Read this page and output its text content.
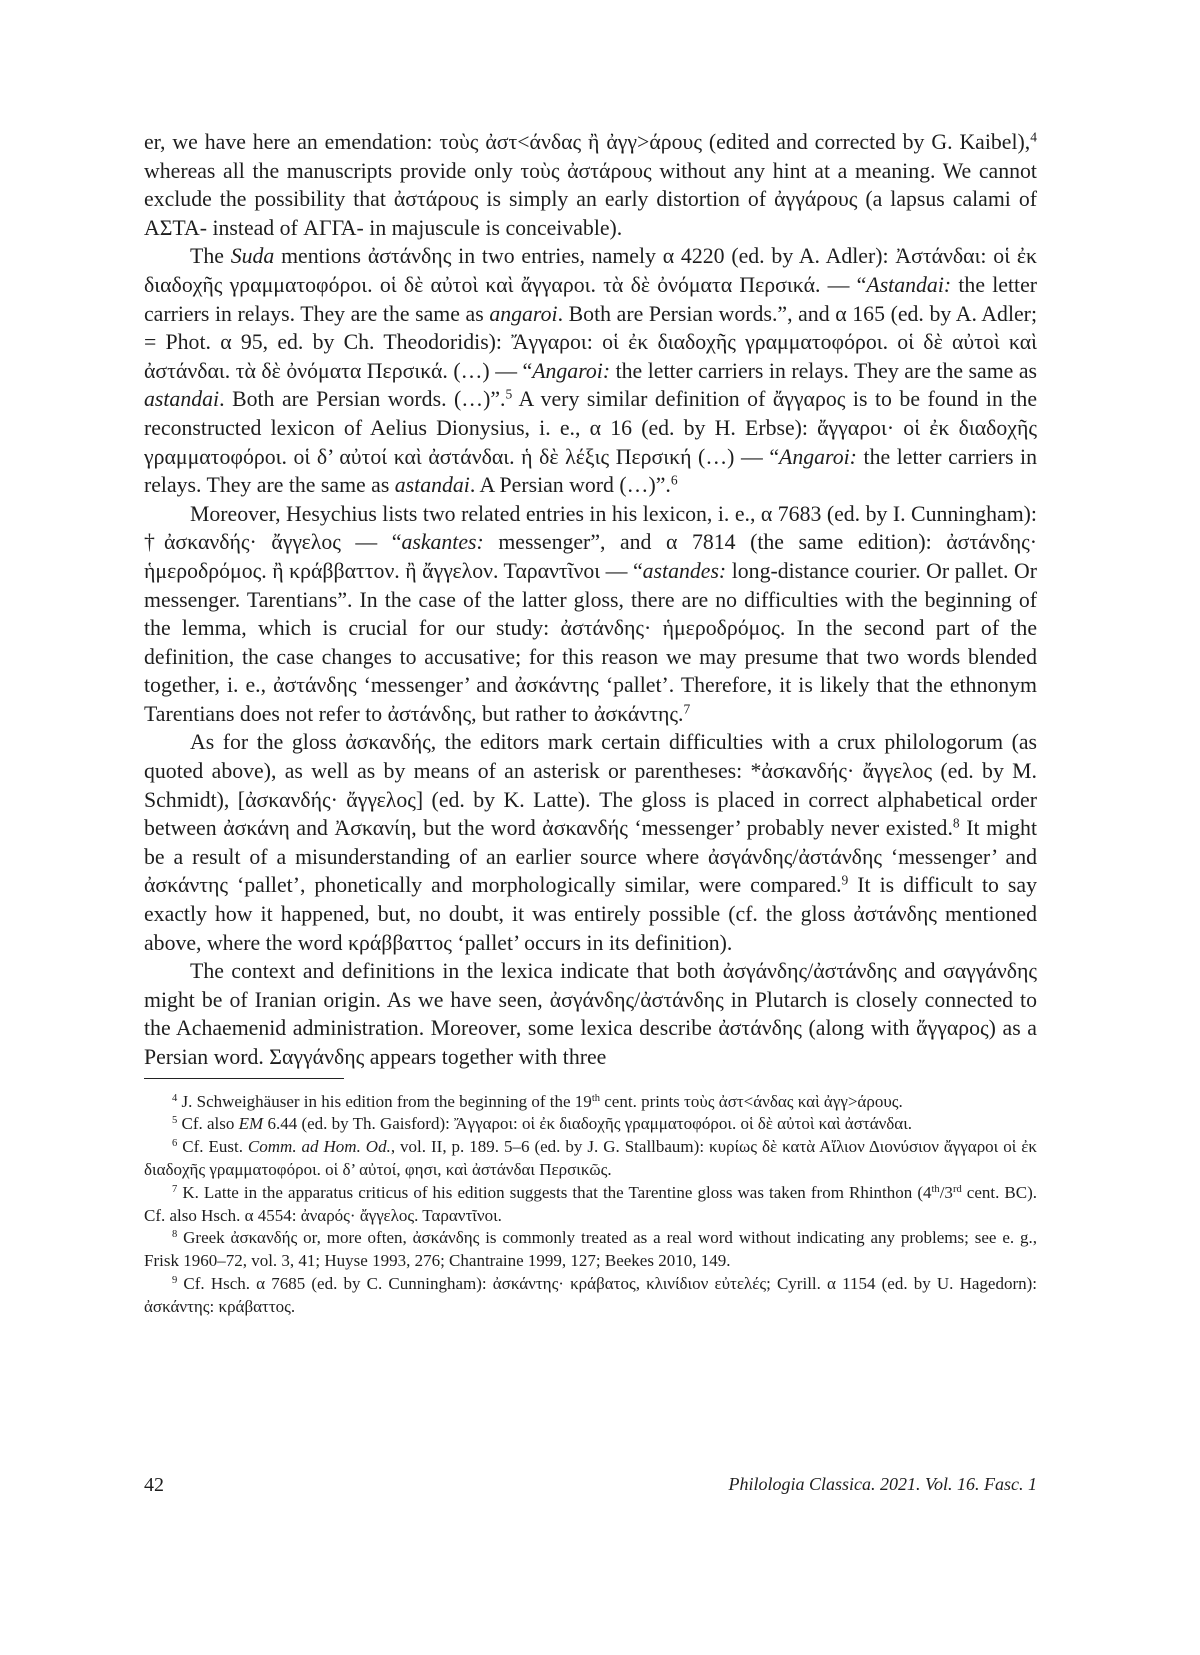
er, we have here an emendation: τοὺς ἀστ<άνδας ἢ ἀγγ>άρους (edited and corrected by G. Kaibel),$^4$ whereas all the manuscripts provide only τοὺς ἀστάρους without any hint at a meaning. We cannot exclude the possibility that ἀστάρους is simply an early distortion of ἀγγάρους (a lapsus calami of ΑΣΤΑ- instead of ΑΓΓΑ- in majuscule is conceivable).

The Suda mentions ἀστάνδης in two entries, namely α 4220 (ed. by A. Adler): Ἀστάνδαι: οἱ ἐκ διαδοχῆς γραμματοφόροι. οἱ δὲ αὐτοὶ καὶ ἄγγαροι. τὰ δὲ ὀνόματα Περσικά. — “Astandai: the letter carriers in relays. They are the same as angaroi. Both are Persian words.”, and α 165 (ed. by A. Adler; = Phot. α 95, ed. by Ch. Theodoridis): Ἄγγαροι: οἱ ἐκ διαδοχῆς γραμματοφόροι. οἱ δὲ αὐτοὶ καὶ ἀστάνδαι. τὰ δὲ ὀνόματα Περσικά. (…) — “Angaroi: the letter carriers in relays. They are the same as astandai. Both are Persian words. (…)”.$^5$ A very similar definition of ἄγγαρος is to be found in the reconstructed lexicon of Aelius Dionysius, i. e., α 16 (ed. by H. Erbse): ἄγγαροι· οἱ ἐκ διαδοχῆς γραμματοφόροι. οἱ δ’ αὐτοί καὶ ἀστάνδαι. ἡ δὲ λέξις Περσική (…) — “Angaroi: the letter carriers in relays. They are the same as astandai. A Persian word (…)”.$^6$

Moreover, Hesychius lists two related entries in his lexicon, i. e., α 7683 (ed. by I. Cunningham): †ἀσκανδής· ἄγγελος — “askantes: messenger”, and α 7814 (the same edition): ἀστάνδης· ἡμεροδρόμος. ἢ κράββαττον. ἢ ἄγγελον. Ταραντῖνοι — “astandes: long-distance courier. Or pallet. Or messenger. Tarentians”. In the case of the latter gloss, there are no difficulties with the beginning of the lemma, which is crucial for our study: ἀστάνδης· ἡμεροδρόμος. In the second part of the definition, the case changes to accusative; for this reason we may presume that two words blended together, i. e., ἀστάνδης ‘messenger’ and ἀσκάντης ‘pallet’. Therefore, it is likely that the ethnonym Tarentians does not refer to ἀστάνδης, but rather to ἀσκάντης.$^7$

As for the gloss ἀσκανδής, the editors mark certain difficulties with a crux philologorum (as quoted above), as well as by means of an asterisk or parentheses: *ἀσκανδής· ἄγγελος (ed. by M. Schmidt), [ἀσκανδής· ἄγγελος] (ed. by K. Latte). The gloss is placed in correct alphabetical order between ἀσκάνη and Ἀσκανίη, but the word ἀσκανδής ‘messenger’ probably never existed.$^8$ It might be a result of a misunderstanding of an earlier source where ἀσγάνδης/ἀστάνδης ‘messenger’ and ἀσκάντης ‘pallet’, phonetically and morphologically similar, were compared.$^9$ It is difficult to say exactly how it happened, but, no doubt, it was entirely possible (cf. the gloss ἀστάνδης mentioned above, where the word κράββαττος ‘pallet’ occurs in its definition).

The context and definitions in the lexica indicate that both ἀσγάνδης/ἀστάνδης and σαγγάνδης might be of Iranian origin. As we have seen, ἀσγάνδης/ἀστάνδης in Plutarch is closely connected to the Achaemenid administration. Moreover, some lexica describe ἀστάνδης (along with ἄγγαρος) as a Persian word. Σαγγάνδης appears together with three

$^4$ J. Schweighäuser in his edition from the beginning of the 19th cent. prints τοὺς ἀστ<άνδας καὶ ἀγγ>άρους.

$^5$ Cf. also EM 6.44 (ed. by Th. Gaisford): Ἄγγαροι: οἱ ἐκ διαδοχῆς γραμματοφόροι. οἱ δὲ αὐτοὶ καὶ ἀστάνδαι.

$^6$ Cf. Eust. Comm. ad Hom. Od., vol. II, p. 189. 5–6 (ed. by J. G. Stallbaum): κυρίως δὲ κατὰ Αἴλιον Διονύσιον ἄγγαροι οἱ ἐκ διαδοχῆς γραμματοφόροι. οἱ δ’ αὐτοί, φησι, καὶ ἀστάνδαι Περσικῶς.

$^7$ K. Latte in the apparatus criticus of his edition suggests that the Tarentine gloss was taken from Rhinthon (4th/3rd cent. BC). Cf. also Hsch. α 4554: ἀναρός· ἄγγελος. Ταραντῖνοι.

$^8$ Greek ἀσκανδής or, more often, ἀσκάνδης is commonly treated as a real word without indicating any problems; see e. g., Frisk 1960–72, vol. 3, 41; Huyse 1993, 276; Chantraine 1999, 127; Beekes 2010, 149.

$^9$ Cf. Hsch. α 7685 (ed. by C. Cunningham): ἀσκάντης· κράβατος, κλινίδιον εὐτελές; Cyrill. α 1154 (ed. by U. Hagedorn): ἀσκάντης: κράβαττος.

42	Philologia Classica. 2021. Vol. 16. Fasc. 1
